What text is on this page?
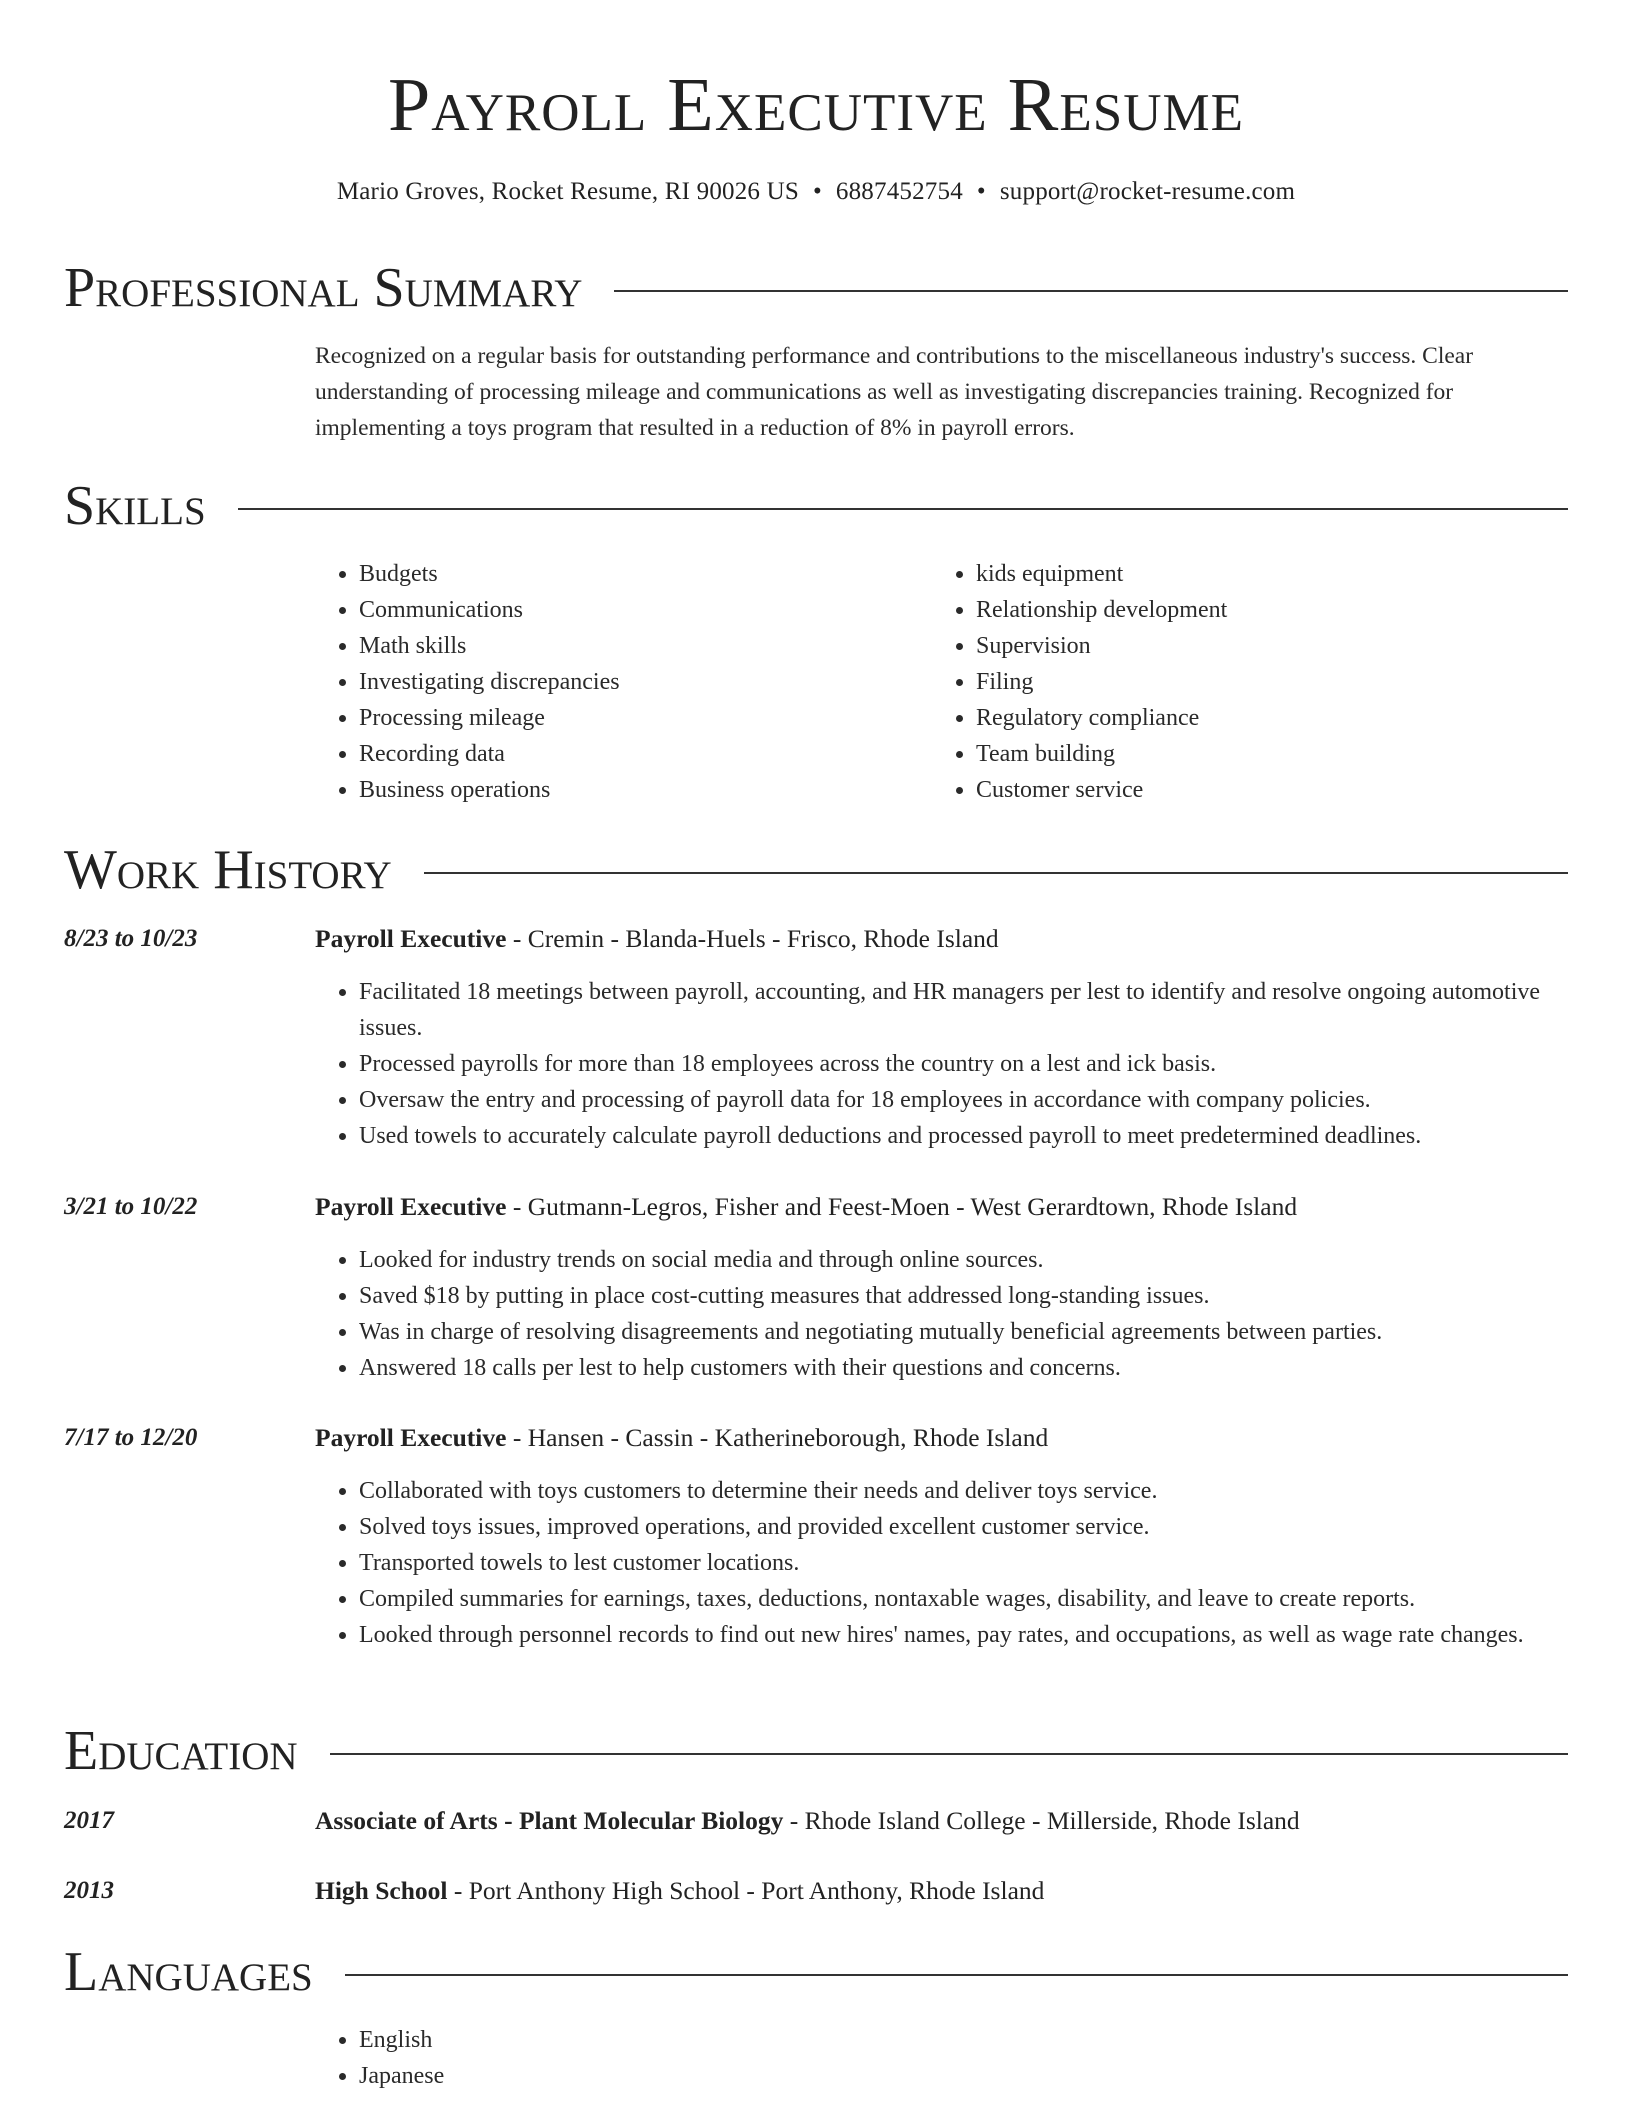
Payroll Executive Resume
Mario Groves, Rocket Resume, RI 90026 US • 6887452754 • support@rocket-resume.com
Professional Summary

Recognized on a regular basis for outstanding performance and contributions to the miscellaneous industry's success. Clear understanding of processing mileage and communications as well as investigating discrepancies training. Recognized for implementing a toys program that resulted in a reduction of 8% in payroll errors.

Skills
• Budgets
• Communications
• Math skills
• Investigating discrepancies
• Processing mileage
• Recording data
• Business operations
• kids equipment
• Relationship development
• Supervision
• Filing
• Regulatory compliance
• Team building
• Customer service
Work History
8/23 to 10/23	Payroll Executive - Cremin - Blanda-Huels - Frisco, Rhode Island
• Facilitated 18 meetings between payroll, accounting, and HR managers per lest to identify and resolve ongoing automotive issues.
• Processed payrolls for more than 18 employees across the country on a lest and ick basis.
• Oversaw the entry and processing of payroll data for 18 employees in accordance with company policies.
• Used towels to accurately calculate payroll deductions and processed payroll to meet predetermined deadlines.
3/21 to 10/22	Payroll Executive - Gutmann-Legros, Fisher and Feest-Moen - West Gerardtown, Rhode Island
• Looked for industry trends on social media and through online sources.
• Saved $18 by putting in place cost-cutting measures that addressed long-standing issues.
• Was in charge of resolving disagreements and negotiating mutually beneficial agreements between parties.
• Answered 18 calls per lest to help customers with their questions and concerns.
7/17 to 12/20	Payroll Executive - Hansen - Cassin - Katherineborough, Rhode Island
• Collaborated with toys customers to determine their needs and deliver toys service.
• Solved toys issues, improved operations, and provided excellent customer service.
• Transported towels to lest customer locations.
• Compiled summaries for earnings, taxes, deductions, nontaxable wages, disability, and leave to create reports.
• Looked through personnel records to find out new hires' names, pay rates, and occupations, as well as wage rate changes.
Education
2017	Associate of Arts - Plant Molecular Biology - Rhode Island College - Millerside, Rhode Island
2013	High School - Port Anthony High School - Port Anthony, Rhode Island
Languages
• English
• Japanese
